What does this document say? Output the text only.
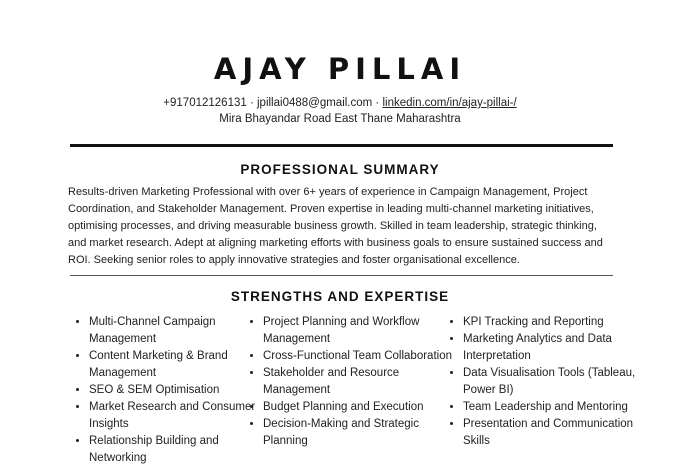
AJAY PILLAI
+917012126131 · jpillai0488@gmail.com · linkedin.com/in/ajay-pillai-/
Mira Bhayandar Road East Thane Maharashtra
PROFESSIONAL SUMMARY
Results-driven Marketing Professional with over 6+ years of experience in Campaign Management, Project Coordination, and Stakeholder Management. Proven expertise in leading multi-channel marketing initiatives, optimising processes, and driving measurable business growth. Skilled in team leadership, strategic thinking, and market research. Adept at aligning marketing efforts with business goals to ensure sustained success and ROI. Seeking senior roles to apply innovative strategies and foster organisational excellence.
STRENGTHS AND EXPERTISE
• Multi-Channel Campaign Management
• Content Marketing & Brand Management
• SEO & SEM Optimisation
• Market Research and Consumer Insights
• Relationship Building and Networking
• Project Planning and Workflow Management
• Cross-Functional Team Collaboration
• Stakeholder and Resource Management
• Budget Planning and Execution
• Decision-Making and Strategic Planning
• KPI Tracking and Reporting
• Marketing Analytics and Data Interpretation
• Data Visualisation Tools (Tableau, Power BI)
• Team Leadership and Mentoring
• Presentation and Communication Skills
